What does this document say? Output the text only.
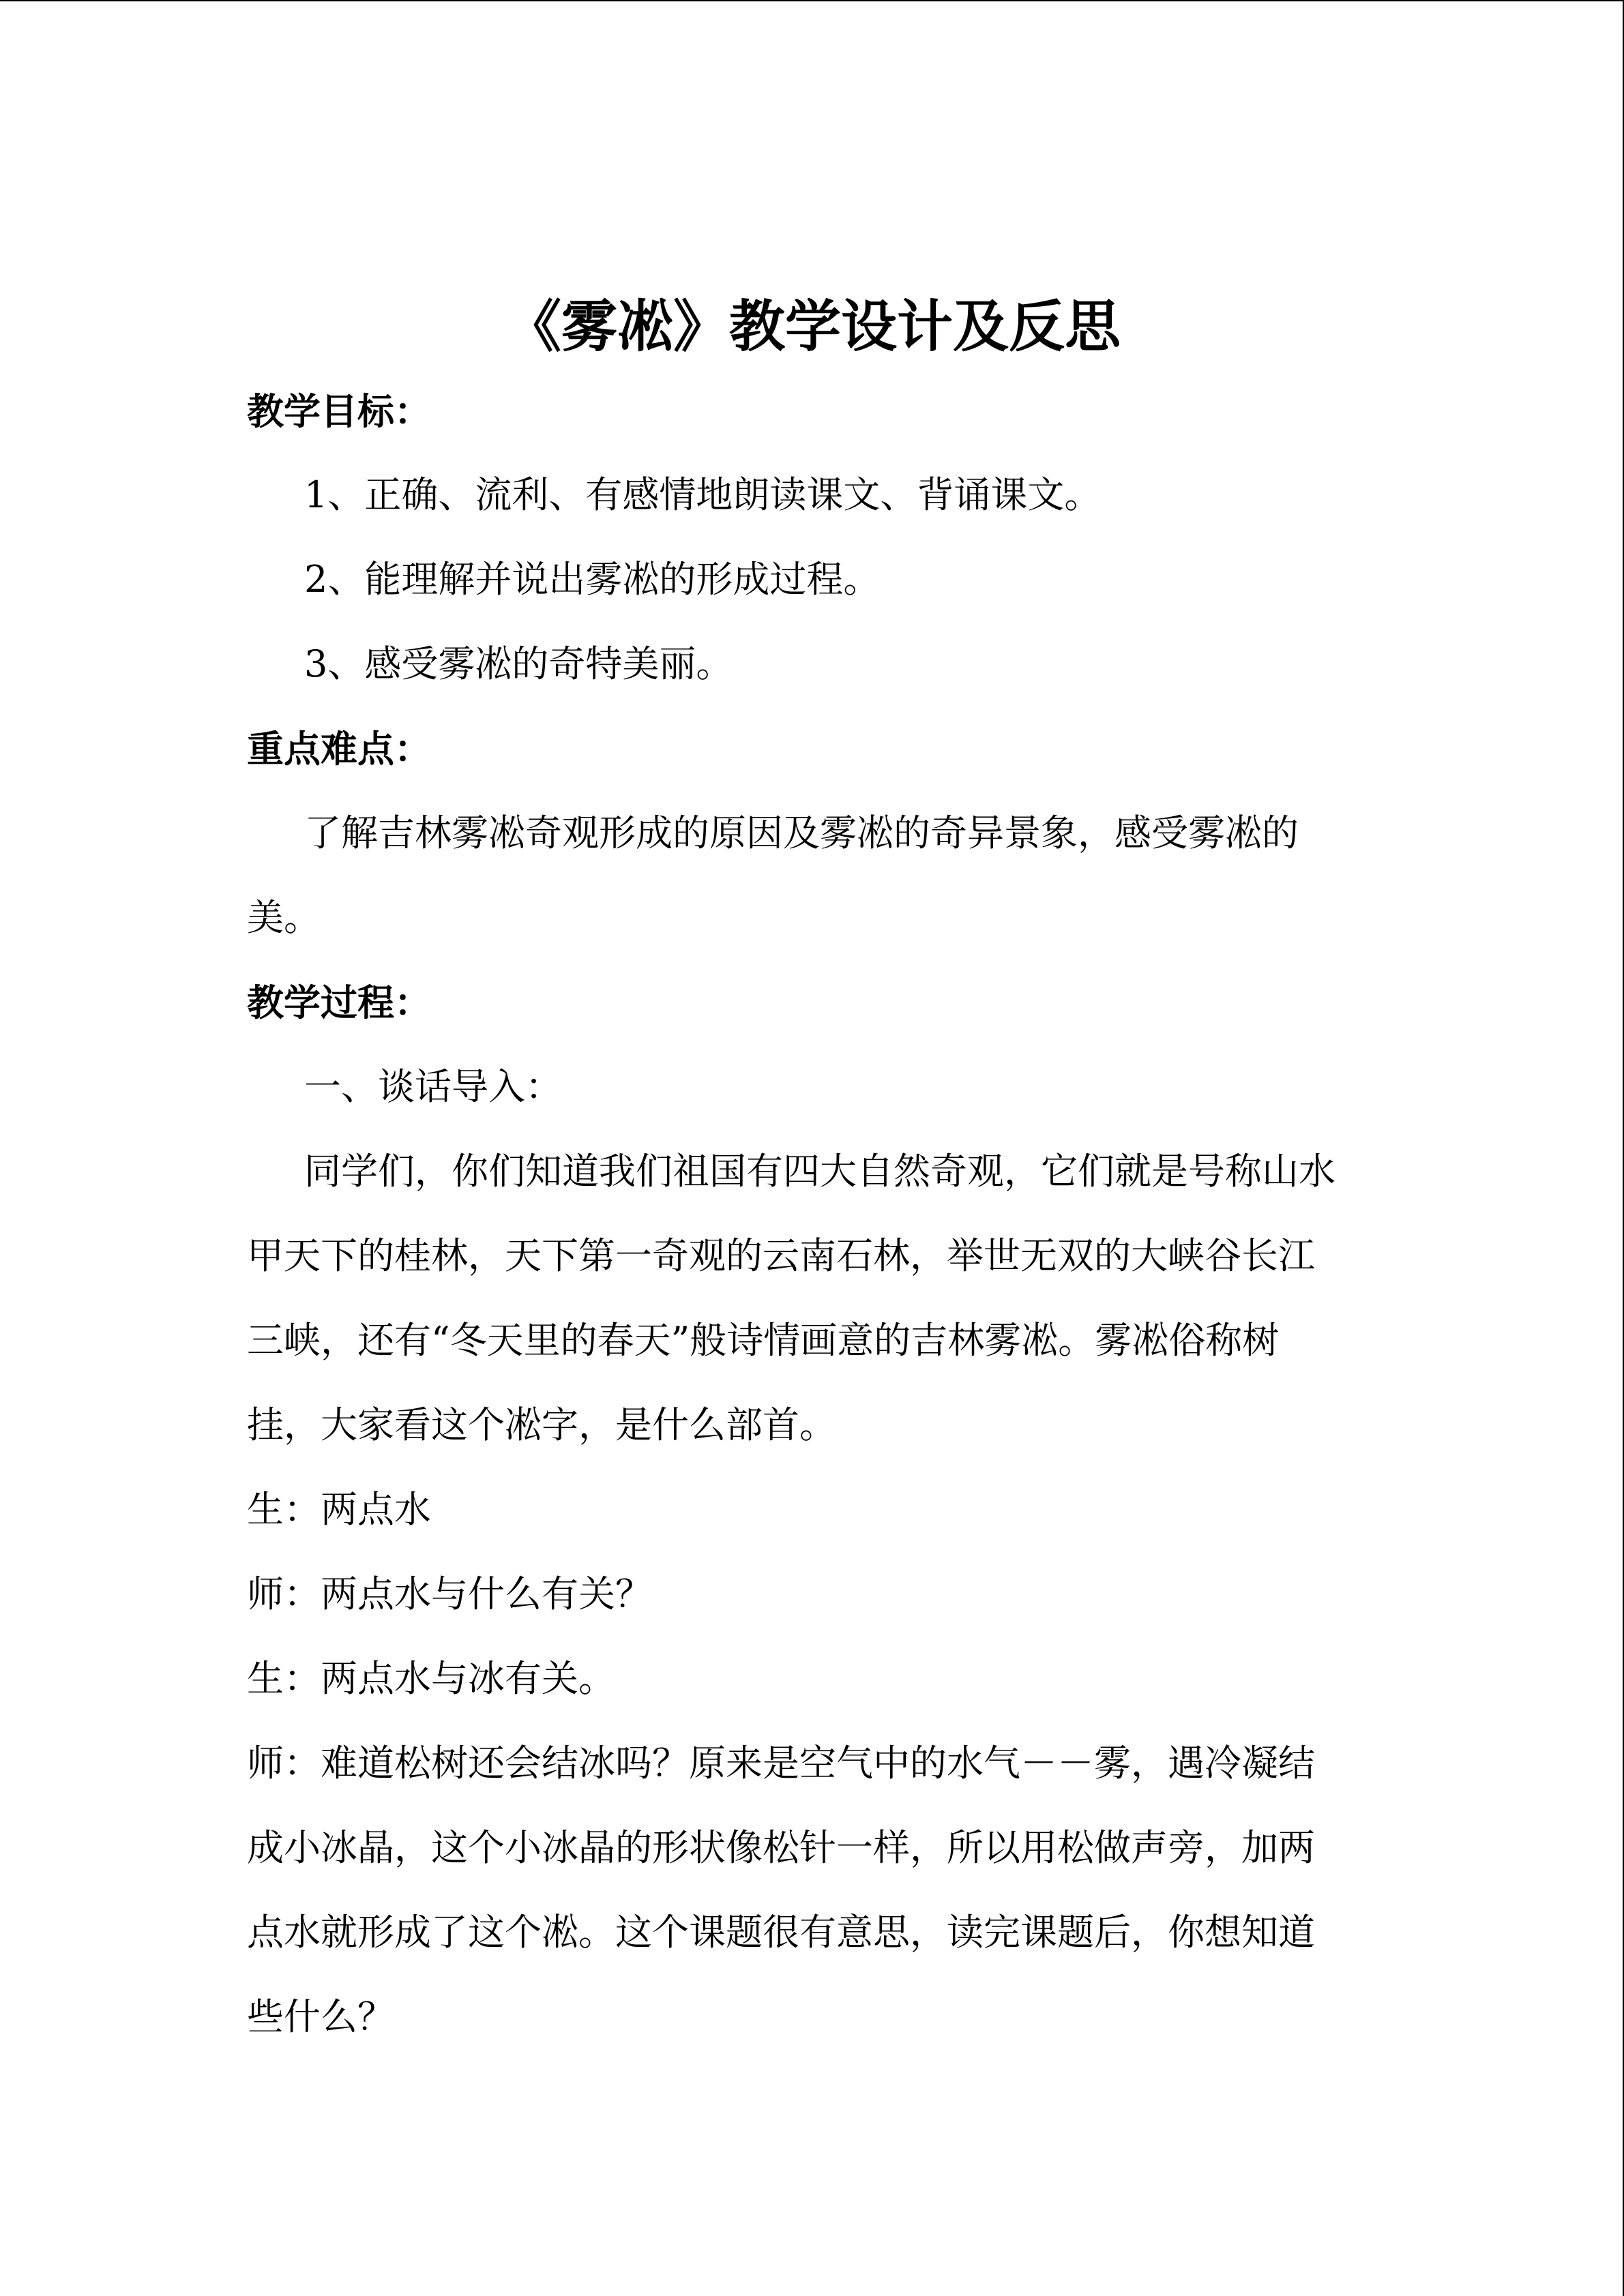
《雾凇》教学设计及反思
教学目标：
1、正确、流利、有感情地朗读课文、背诵课文。
2、能理解并说出雾凇的形成过程。
3、感受雾凇的奇特美丽。
重点难点：
了解吉林雾凇奇观形成的原因及雾凇的奇异景象，感受雾凇的
美。
教学过程：
一、谈话导入：
同学们，你们知道我们祖国有四大自然奇观，它们就是号称山水
甲天下的桂林，天下第一奇观的云南石林，举世无双的大峡谷长江
三峡，还有“冬天里的春天”般诗情画意的吉林雾凇。雾凇俗称树
挂，大家看这个凇字，是什么部首。
生：两点水
师：两点水与什么有关？
生：两点水与冰有关。
师：难道松树还会结冰吗？原来是空气中的水气－－雾，遇冷凝结
成小冰晶，这个小冰晶的形状像松针一样，所以用松做声旁，加两
点水就形成了这个凇。这个课题很有意思，读完课题后，你想知道
些什么？
